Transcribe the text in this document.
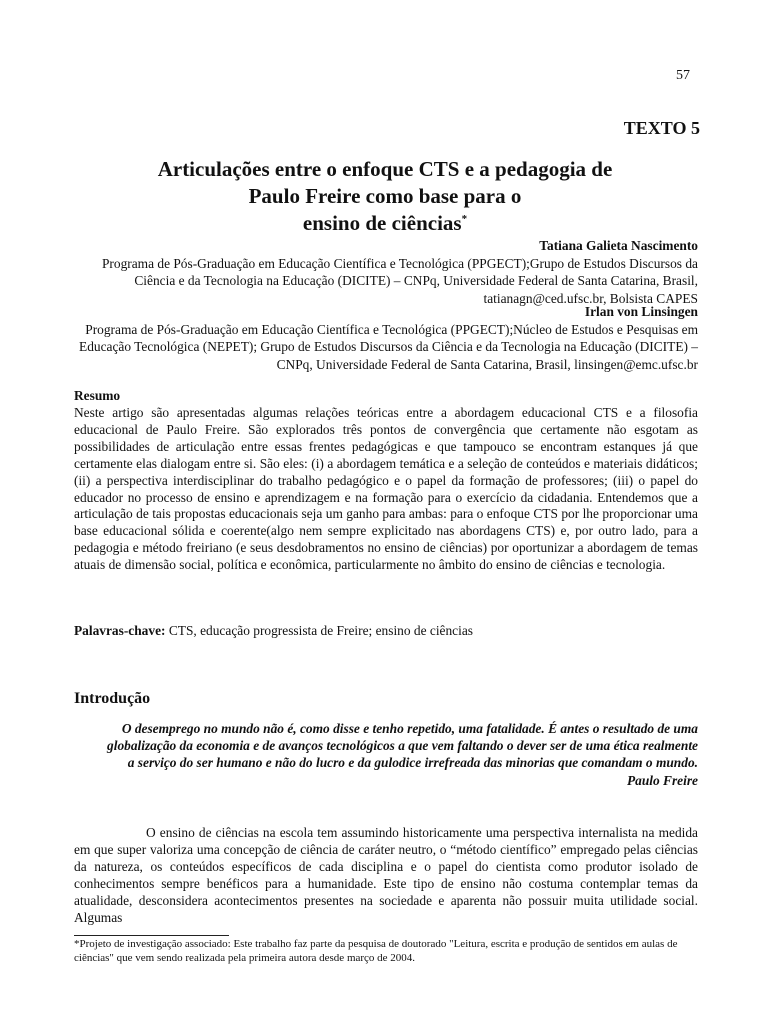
57
TEXTO 5
Articulações entre o enfoque CTS e a pedagogia de
Paulo Freire como base para o
ensino de ciências*
Tatiana Galieta Nascimento
Programa de Pós-Graduação em Educação Científica e Tecnológica (PPGECT);Grupo de Estudos Discursos da Ciência e da Tecnologia na Educação (DICITE) – CNPq, Universidade Federal de Santa Catarina, Brasil, tatianagn@ced.ufsc.br, Bolsista CAPES
Irlan von Linsingen
Programa de Pós-Graduação em Educação Científica e Tecnológica (PPGECT);Núcleo de Estudos e Pesquisas em Educação Tecnológica (NEPET); Grupo de Estudos Discursos da Ciência e da Tecnologia na Educação (DICITE) – CNPq, Universidade Federal de Santa Catarina, Brasil, linsingen@emc.ufsc.br
Resumo
Neste artigo são apresentadas algumas relações teóricas entre a abordagem educacional CTS e a filosofia educacional de Paulo Freire. São explorados três pontos de convergência que certamente não esgotam as possibilidades de articulação entre essas frentes pedagógicas e que tampouco se encontram estanques já que certamente elas dialogam entre si. São eles: (i) a abordagem temática e a seleção de conteúdos e materiais didáticos; (ii) a perspectiva interdisciplinar do trabalho pedagógico e o papel da formação de professores; (iii) o papel do educador no processo de ensino e aprendizagem e na formação para o exercício da cidadania. Entendemos que a articulação de tais propostas educacionais seja um ganho para ambas: para o enfoque CTS por lhe proporcionar uma base educacional sólida e coerente(algo nem sempre explicitado nas abordagens CTS) e, por outro lado, para a pedagogia e método freiriano (e seus desdobramentos no ensino de ciências) por oportunizar a abordagem de temas atuais de dimensão social, política e econômica, particularmente no âmbito do ensino de ciências e tecnologia.
Palavras-chave: CTS, educação progressista de Freire; ensino de ciências
Introdução
O desemprego no mundo não é, como disse e tenho repetido, uma fatalidade. É antes o resultado de uma globalização da economia e de avanços tecnológicos a que vem faltando o dever ser de uma ética realmente a serviço do ser humano e não do lucro e da gulodice irrefreada das minorias que comandam o mundo.
Paulo Freire
O ensino de ciências na escola tem assumindo historicamente uma perspectiva internalista na medida em que super valoriza uma concepção de ciência de caráter neutro, o “método científico” empregado pelas ciências da natureza, os conteúdos específicos de cada disciplina e o papel do cientista como produtor isolado de conhecimentos sempre benéficos para a humanidade. Este tipo de ensino não costuma contemplar temas da atualidade, desconsidera acontecimentos presentes na sociedade e aparenta não possuir muita utilidade social. Algumas
*Projeto de investigação associado: Este trabalho faz parte da pesquisa de doutorado "Leitura, escrita e produção de sentidos em aulas de ciências" que vem sendo realizada pela primeira autora desde março de 2004.
